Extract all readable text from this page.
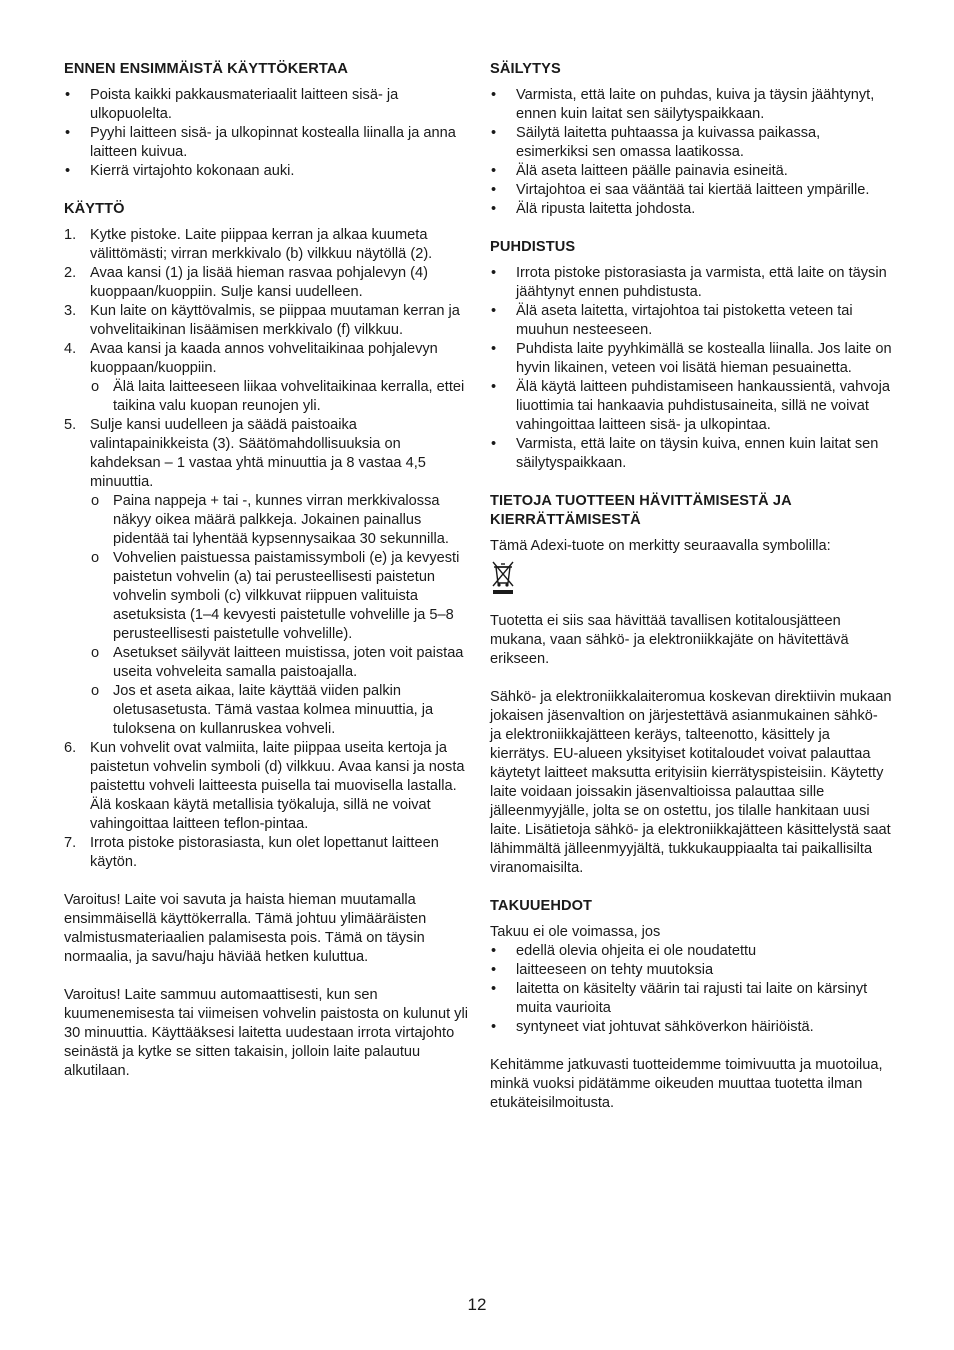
ENNEN ENSIMMÄISTÄ KÄYTTÖKERTAA
• Poista kaikki pakkausmateriaalit laitteen sisä- ja ulkopuolelta.
• Pyyhi laitteen sisä- ja ulkopinnat kostealla liinalla ja anna laitteen kuivua.
• Kierrä virtajohto kokonaan auki.
KÄYTTÖ
1. Kytke pistoke. Laite piippaa kerran ja alkaa kuumeta välittömästi; virran merkkivalo (b) vilkkuu näytöllä (2).
2. Avaa kansi (1) ja lisää hieman rasvaa pohjalevyn (4) kuoppaan/kuoppiin. Sulje kansi uudelleen.
3. Kun laite on käyttövalmis, se piippaa muutaman kerran ja vohvelitaikinan lisäämisen merkkivalo (f) vilkkuu.
4. Avaa kansi ja kaada annos vohvelitaikinaa pohjalevyn kuoppaan/kuoppiin.
o Älä laita laitteeseen liikaa vohvelitaikinaa kerralla, ettei taikina valu kuopan reunojen yli.
5. Sulje kansi uudelleen ja säädä paistoaika valintapainikkeista (3). Säätömahdollisuuksia on kahdeksan – 1 vastaa yhtä minuuttia ja 8 vastaa 4,5 minuuttia.
o Paina nappeja + tai -, kunnes virran merkkivalossa näkyy oikea määrä palkkeja. Jokainen painallus pidentää tai lyhentää kypsennysaikaa 30 sekunnilla.
o Vohvelien paistuessa paistamissymboli (e) ja kevyesti paistetun vohvelin (a) tai perusteellisesti paistetun vohvelin symboli (c) vilkkuvat riippuen valituista asetuksista (1–4 kevyesti paistetulle vohvelille ja 5–8 perusteellisesti paistetulle vohvelille).
o Asetukset säilyvät laitteen muistissa, joten voit paistaa useita vohveleita samalla paistoajalla.
o Jos et aseta aikaa, laite käyttää viiden palkin oletusasetusta. Tämä vastaa kolmea minuuttia, ja tuloksena on kullanruskea vohveli.
6. Kun vohvelit ovat valmiita, laite piippaa useita kertoja ja paistetun vohvelin symboli (d) vilkkuu. Avaa kansi ja nosta paistettu vohveli laitteesta puisella tai muovisella lastalla. Älä koskaan käytä metallisia työkaluja, sillä ne voivat vahingoittaa laitteen teflon-pintaa.
7. Irrota pistoke pistorasiasta, kun olet lopettanut laitteen käytön.

Varoitus! Laite voi savuta ja haista hieman muutamalla ensimmäisellä käyttökerralla. Tämä johtuu ylimääräisten valmistusmateriaalien palamisesta pois. Tämä on täysin normaalia, ja savu/haju häviää hetken kuluttua.

Varoitus! Laite sammuu automaattisesti, kun sen kuumenemisesta tai viimeisen vohvelin paistosta on kulunut yli 30 minuuttia. Käyttääksesi laitetta uudestaan irrota virtajohto seinästä ja kytke se sitten takaisin, jolloin laite palautuu alkutilaan.

SÄILYTYS
• Varmista, että laite on puhdas, kuiva ja täysin jäähtynyt, ennen kuin laitat sen säilytyspaikkaan.
• Säilytä laitetta puhtaassa ja kuivassa paikassa, esimerkiksi sen omassa laatikossa.
• Älä aseta laitteen päälle painavia esineitä.
• Virtajohtoa ei saa vääntää tai kiertää laitteen ympärille.
• Älä ripusta laitetta johdosta.
PUHDISTUS
• Irrota pistoke pistorasiasta ja varmista, että laite on täysin jäähtynyt ennen puhdistusta.
• Älä aseta laitetta, virtajohtoa tai pistoketta veteen tai muuhun nesteeseen.
• Puhdista laite pyyhkimällä se kostealla liinalla. Jos laite on hyvin likainen, veteen voi lisätä hieman pesuainetta.
• Älä käytä laitteen puhdistamiseen hankaussientä, vahvoja liuottimia tai hankaavia puhdistusaineita, sillä ne voivat vahingoittaa laitteen sisä- ja ulkopintaa.
• Varmista, että laite on täysin kuiva, ennen kuin laitat sen säilytyspaikkaan.
TIETOJA TUOTTEEN HÄVITTÄMISESTÄ JA
KIERRÄTTÄMISESTÄ

Tämä Adexi-tuote on merkitty seuraavalla symbolilla:

Tuotetta ei siis saa hävittää tavallisen kotitalousjätteen mukana, vaan sähkö- ja elektroniikkajäte on hävitettävä erikseen.

Sähkö- ja elektroniikkalaiteromua koskevan direktiivin mukaan jokaisen jäsenvaltion on järjestettävä asianmukainen sähkö- ja elektroniikkajätteen keräys, talteenotto, käsittely ja kierrätys. EU-alueen yksityiset kotitaloudet voivat palauttaa käytetyt laitteet maksutta erityisiin kierrätyspisteisiin. Käytetty laite voidaan joissakin jäsenvaltioissa palauttaa sille jälleenmyyjälle, jolta se on ostettu, jos tilalle hankitaan uusi laite. Lisätietoja sähkö- ja elektroniikkajätteen käsittelystä saat lähimmältä jälleenmyyjältä, tukkukauppiaalta tai paikallisilta viranomaisilta.

TAKUUEHDOT

Takuu ei ole voimassa, jos

• edellä olevia ohjeita ei ole noudatettu
• laitteeseen on tehty muutoksia
• laitetta on käsitelty väärin tai rajusti tai laite on kärsinyt muita vaurioita
• syntyneet viat johtuvat sähköverkon häiriöistä.

Kehitämme jatkuvasti tuotteidemme toimivuutta ja muotoilua, minkä vuoksi pidätämme oikeuden muuttaa tuotetta ilman etukäteisilmoitusta.

12
